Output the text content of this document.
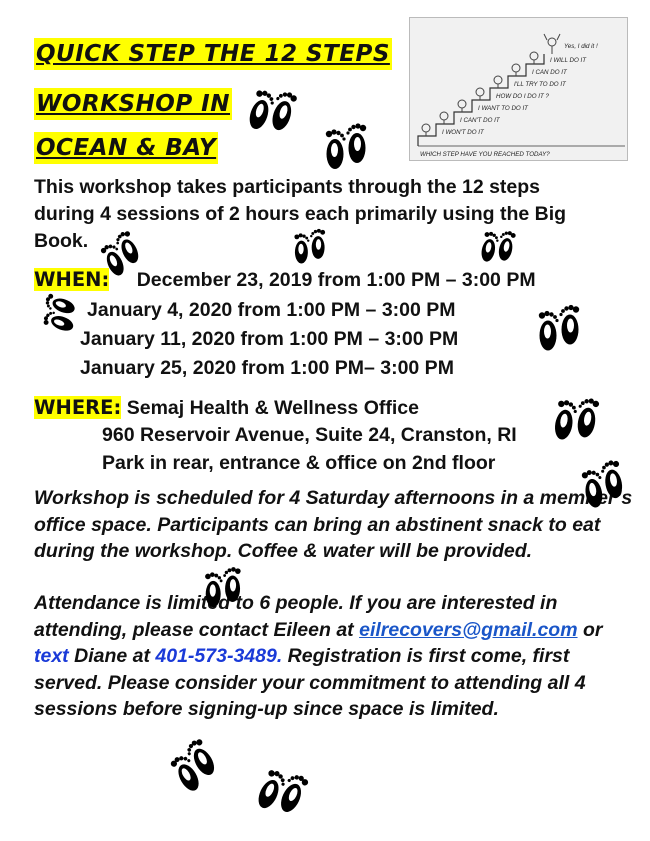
QUICK STEP THE 12 STEPS
WORKSHOP IN
OCEAN & BAY
Yes, I did it !
I WILL DO IT
I CAN DO IT
I'LL TRY TO DO IT
HOW DO I DO IT ?
I WANT TO DO IT
I CAN'T DO IT
I WON'T DO IT
WHICH STEP HAVE YOU REACHED TODAY?
This workshop takes participants through the 12 steps
during 4 sessions of 2 hours each primarily using the Big
Book.
WHEN: December 23, 2019 from 1:00 PM – 3:00 PM
January 4, 2020 from 1:00 PM – 3:00 PM
January 11, 2020 from 1:00 PM – 3:00 PM
January 25, 2020 from 1:00 PM– 3:00 PM
WHERE: Semaj Health & Wellness Office
960 Reservoir Avenue, Suite 24, Cranston, RI
Park in rear, entrance & office on 2nd floor
Workshop is scheduled for 4 Saturday afternoons in a member’s office space. Participants can bring an abstinent snack to eat during the workshop. Coffee & water will be provided.
Attendance is limited to 6 people. If you are interested in attending, please contact Eileen at eilrecovers@gmail.com or text Diane at 401-573-3489. Registration is first come, first served. Please consider your commitment to attending all 4 sessions before signing-up since space is limited.
